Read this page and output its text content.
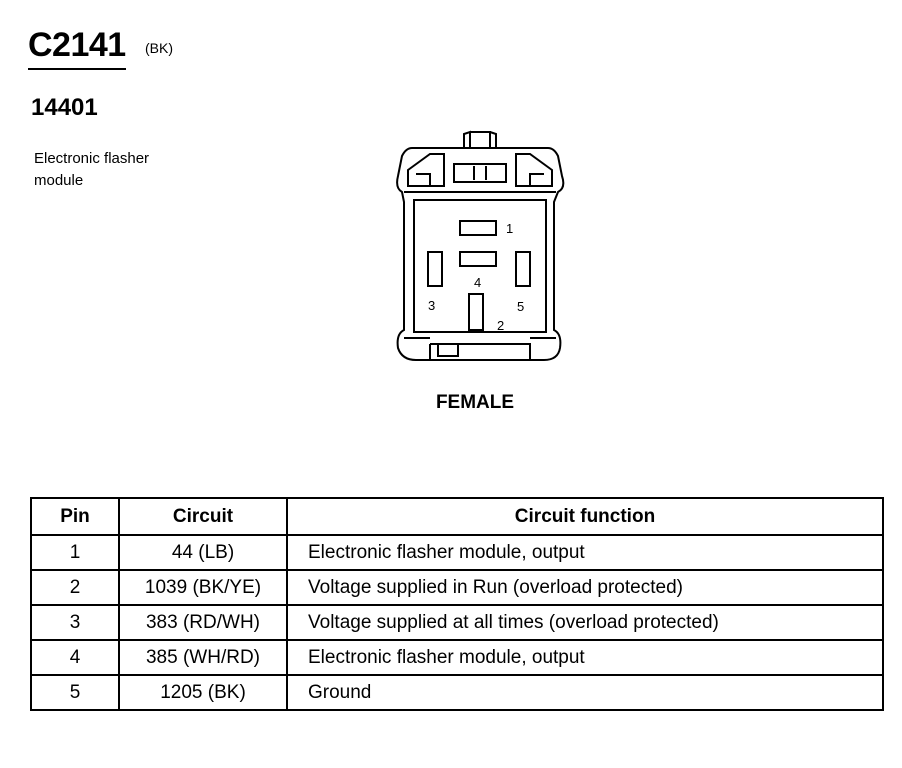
C2141 (BK)
14401
Electronic flasher
module
1
4
3	5
2
FEMALE
Pin	Circuit	Circuit function
1	44 (LB)	Electronic flasher module, output
2	1039 (BK/YE)	Voltage supplied in Run (overload protected)
3	383 (RD/WH)	Voltage supplied at all times (overload protected)
4	385 (WH/RD)	Electronic flasher module, output
5	1205 (BK)	Ground
